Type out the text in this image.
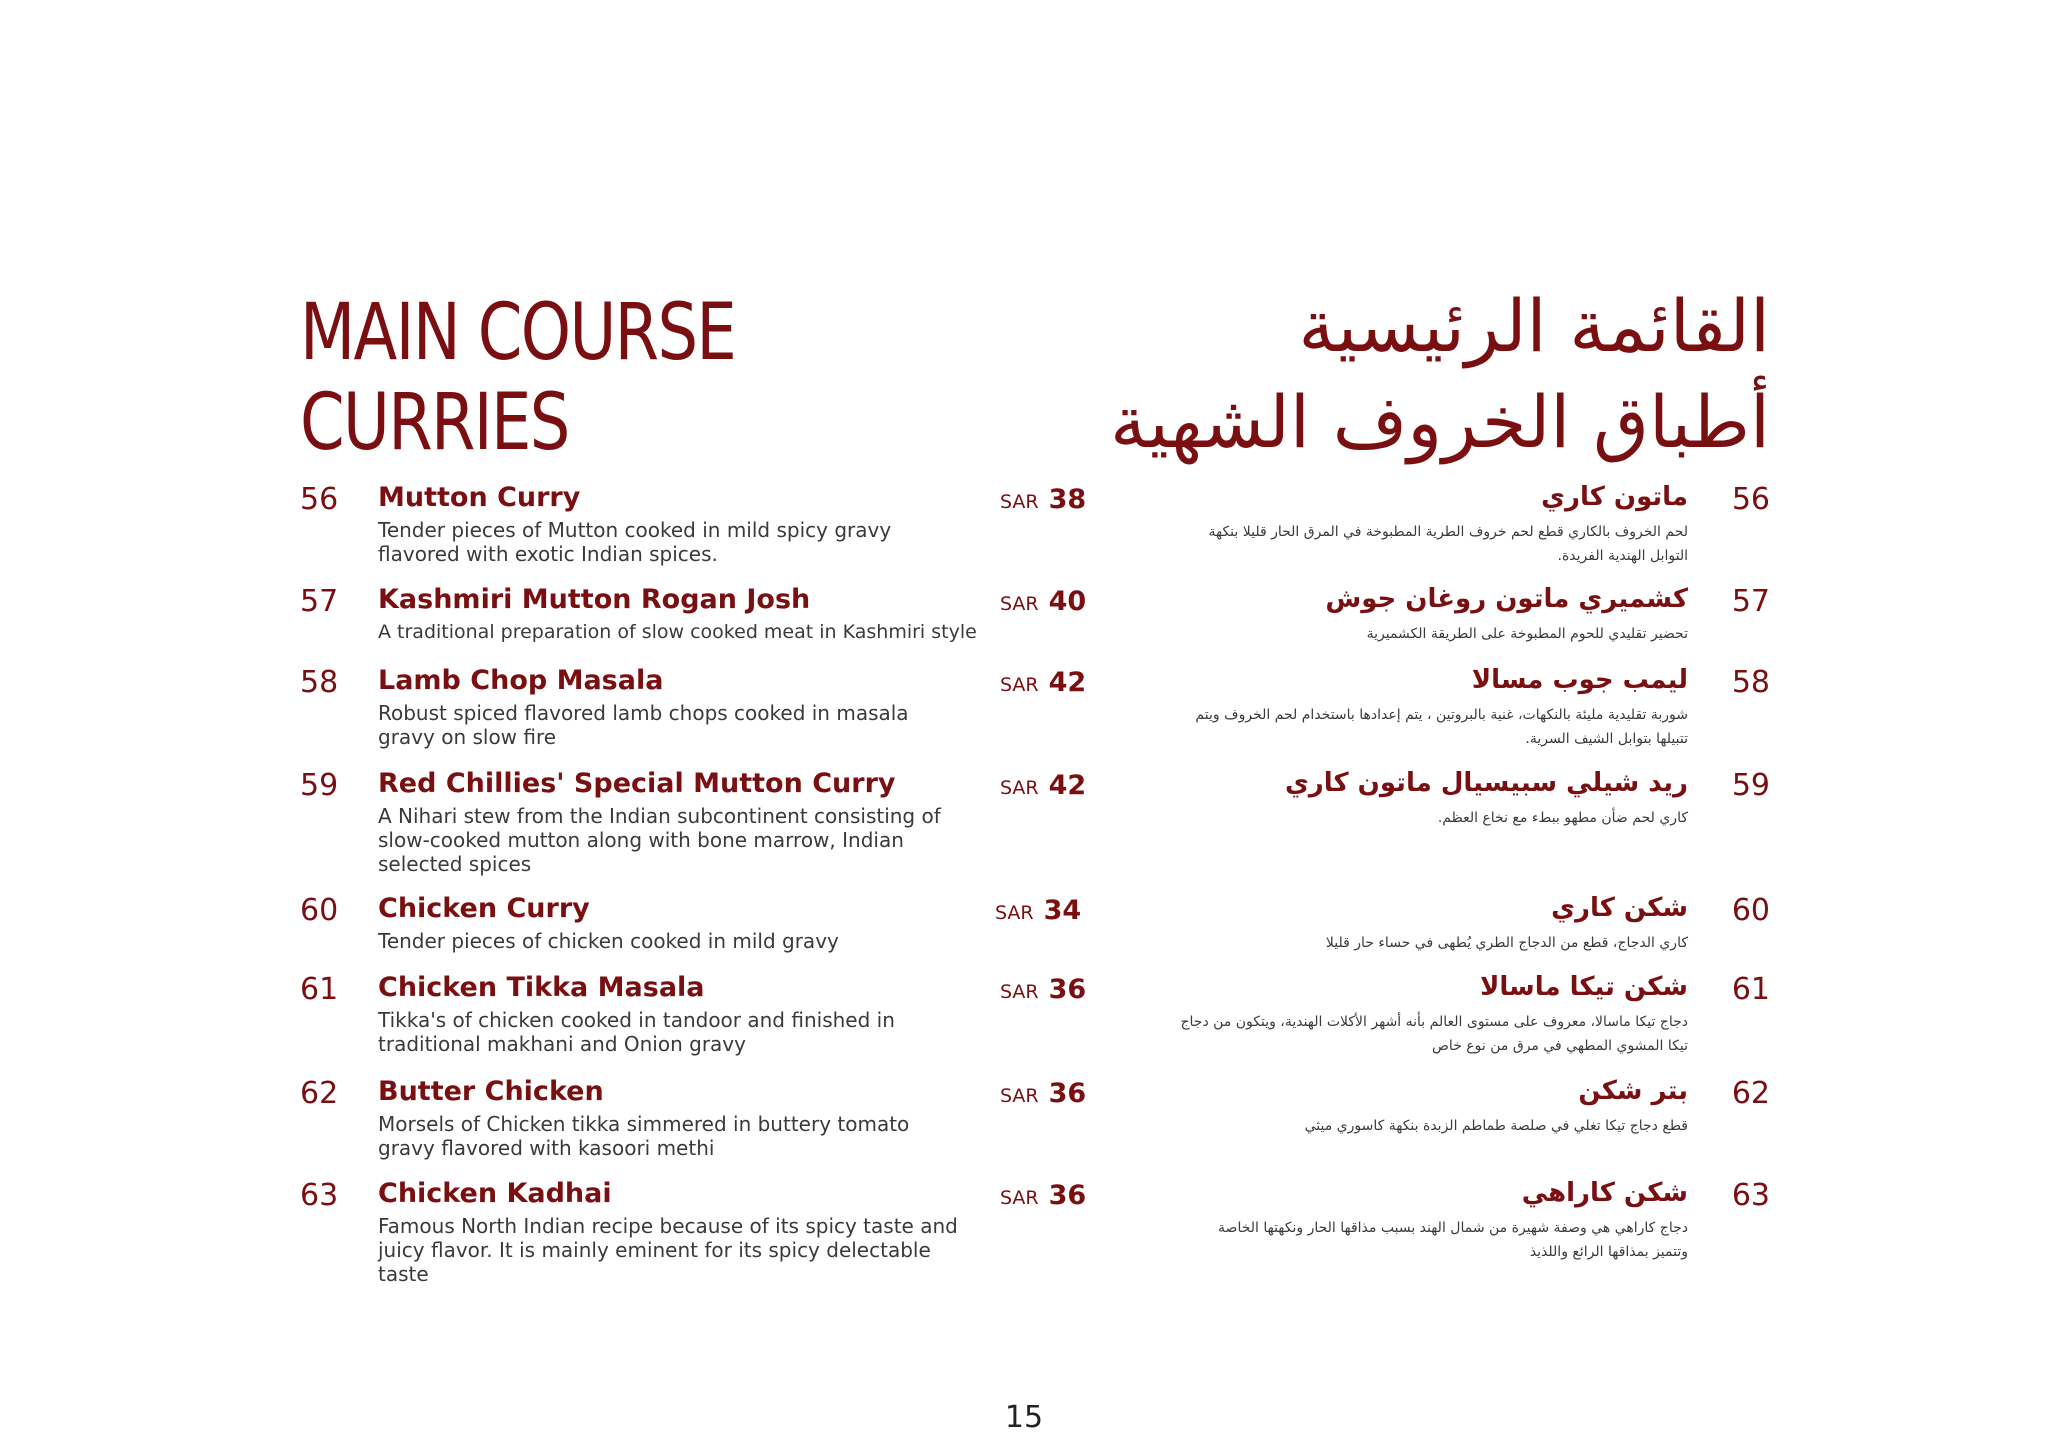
MAIN COURSE
CURRIES
القائمة الرئيسية
أطباق الخروف الشهية
56 Mutton Curry
Tender pieces of Mutton cooked in mild spicy gravy flavored with exotic Indian spices.
SAR 38
57 Kashmiri Mutton Rogan Josh
A traditional preparation of slow cooked meat in Kashmiri style
SAR 40
58 Lamb Chop Masala
Robust spiced flavored lamb chops cooked in masala gravy on slow fire
SAR 42
59 Red Chillies' Special Mutton Curry
A Nihari stew from the Indian subcontinent consisting of slow-cooked mutton along with bone marrow, Indian selected spices
SAR 42
60 Chicken Curry
Tender pieces of chicken cooked in mild gravy
SAR 34
61 Chicken Tikka Masala
Tikka's of chicken cooked in tandoor and finished in traditional makhani and Onion gravy
SAR 36
62 Butter Chicken
Morsels of Chicken tikka simmered in buttery tomato gravy flavored with kasoori methi
SAR 36
63 Chicken Kadhai
Famous North Indian recipe because of its spicy taste and juicy flavor. It is mainly eminent for its spicy delectable taste
SAR 36
56
ماتون كاري
لحم الخروف بالكاري قطع لحم خروف الطرية المطبوخة في المرق الحار قليلا بنكهة التوابل الهندية الفريدة.
57
كشميري ماتون روغان جوش
تحضير تقليدي للحوم المطبوخة على الطريقة الكشميرية
58
ليمب جوب مسالا
شوربة تقليدية مليئة بالنكهات، غنية بالبروتين ، يتم إعدادها باستخدام لحم الخروف ويتم تتبيلها بتوابل الشيف السرية.
59
ريد شيلي سبيسيال ماتون كاري
كاري لحم ضأن مطهو ببطء مع نخاع العظم.
60
شكن كاري
كاري الدجاج، قطع من الدجاج الطري يُطهى في حساء حار قليلا
61
شكن تيكا ماسالا
دجاج تيكا ماسالا، معروف على مستوى العالم بأنه أشهر الأكلات الهندية، ويتكون من دجاج تيكا المشوي المطهي في مرق من نوع خاص
62
بتر شكن
قطع دجاج تيكا تغلي في صلصة طماطم الزبدة بنكهة كاسوري ميثي
63
شكن كاراهي
دجاج كاراهي هي وصفة شهيرة من شمال الهند بسبب مذاقها الحار ونكهتها الخاصة وتتميز بمذاقها الرائع واللذيذ
15
